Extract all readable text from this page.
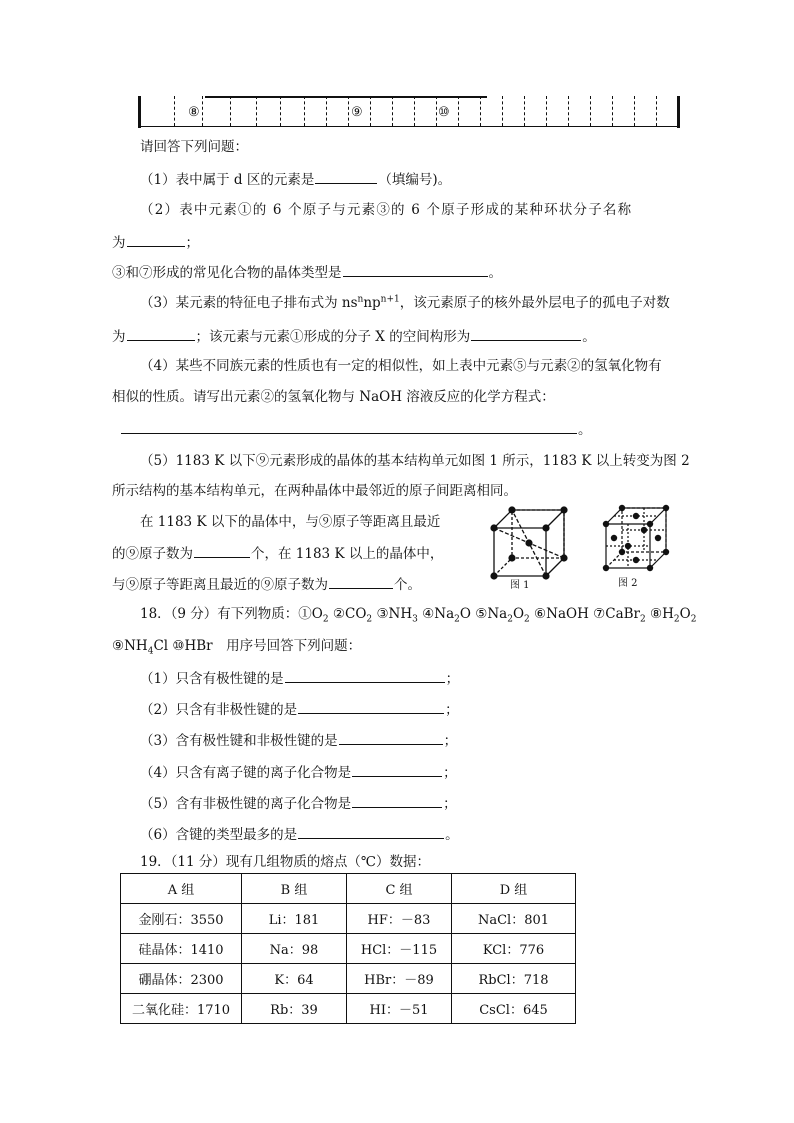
⑧	⑨	⑩
请回答下列问题：
（1）表中属于 d 区的元素是	（填编号)。
（2）表中元素①的 6 个原子与元素③的 6 个原子形成的某种环状分子名称
为	；
③和⑦形成的常见化合物的晶体类型是	。
（3）某元素的特征电子排布式为 $ns^nnp^{n+1}$，该元素原子的核外最外层电子的孤电子对数
为	；该元素与元素①形成的分子 X 的空间构形为	。
（4）某些不同族元素的性质也有一定的相似性，如上表中元素⑤与元素②的氢氧化物有
相似的性质。请写出元素②的氢氧化物与 NaOH 溶液反应的化学方程式：
。
（5）1183 K 以下⑨元素形成的晶体的基本结构单元如图 1 所示，1183 K 以上转变为图 2
所示结构的基本结构单元，在两种晶体中最邻近的原子间距离相同。
在 1183 K 以下的晶体中，与⑨原子等距离且最近
的⑨原子数为	个，在 1183 K 以上的晶体中，
与⑨原子等距离且最近的⑨原子数为	个。	图 1	图 2
18．（9 分）有下列物质：$①O_2$ $②CO_2$ $③NH_3$ $④Na_2O$ $⑤Na_2O_2$ ⑥NaOH ⑦CaBr$_2$ $⑧H_2O_2$
$⑨NH_4Cl$ ⑩HBr　用序号回答下列问题：
（1）只含有极性键的是	；
（2）只含有非极性键的是	；
（3）含有极性键和非极性键的是	；
（4）只含有离子键的离子化合物是	；
（5）含有非极性键的离子化合物是	；
（6）含键的类型最多的是	。
19．（11 分）现有几组物质的熔点（℃）数据：
A 组	B 组	C 组	D 组
金刚石：3550	Li：181	HF：－83	NaCl：801
硅晶体：1410	Na：98	HCl：－115	KCl：776
硼晶体：2300	K：64	HBr：－89	RbCl：718
二氧化硅：1710	Rb：39	HI：－51	CsCl：645
